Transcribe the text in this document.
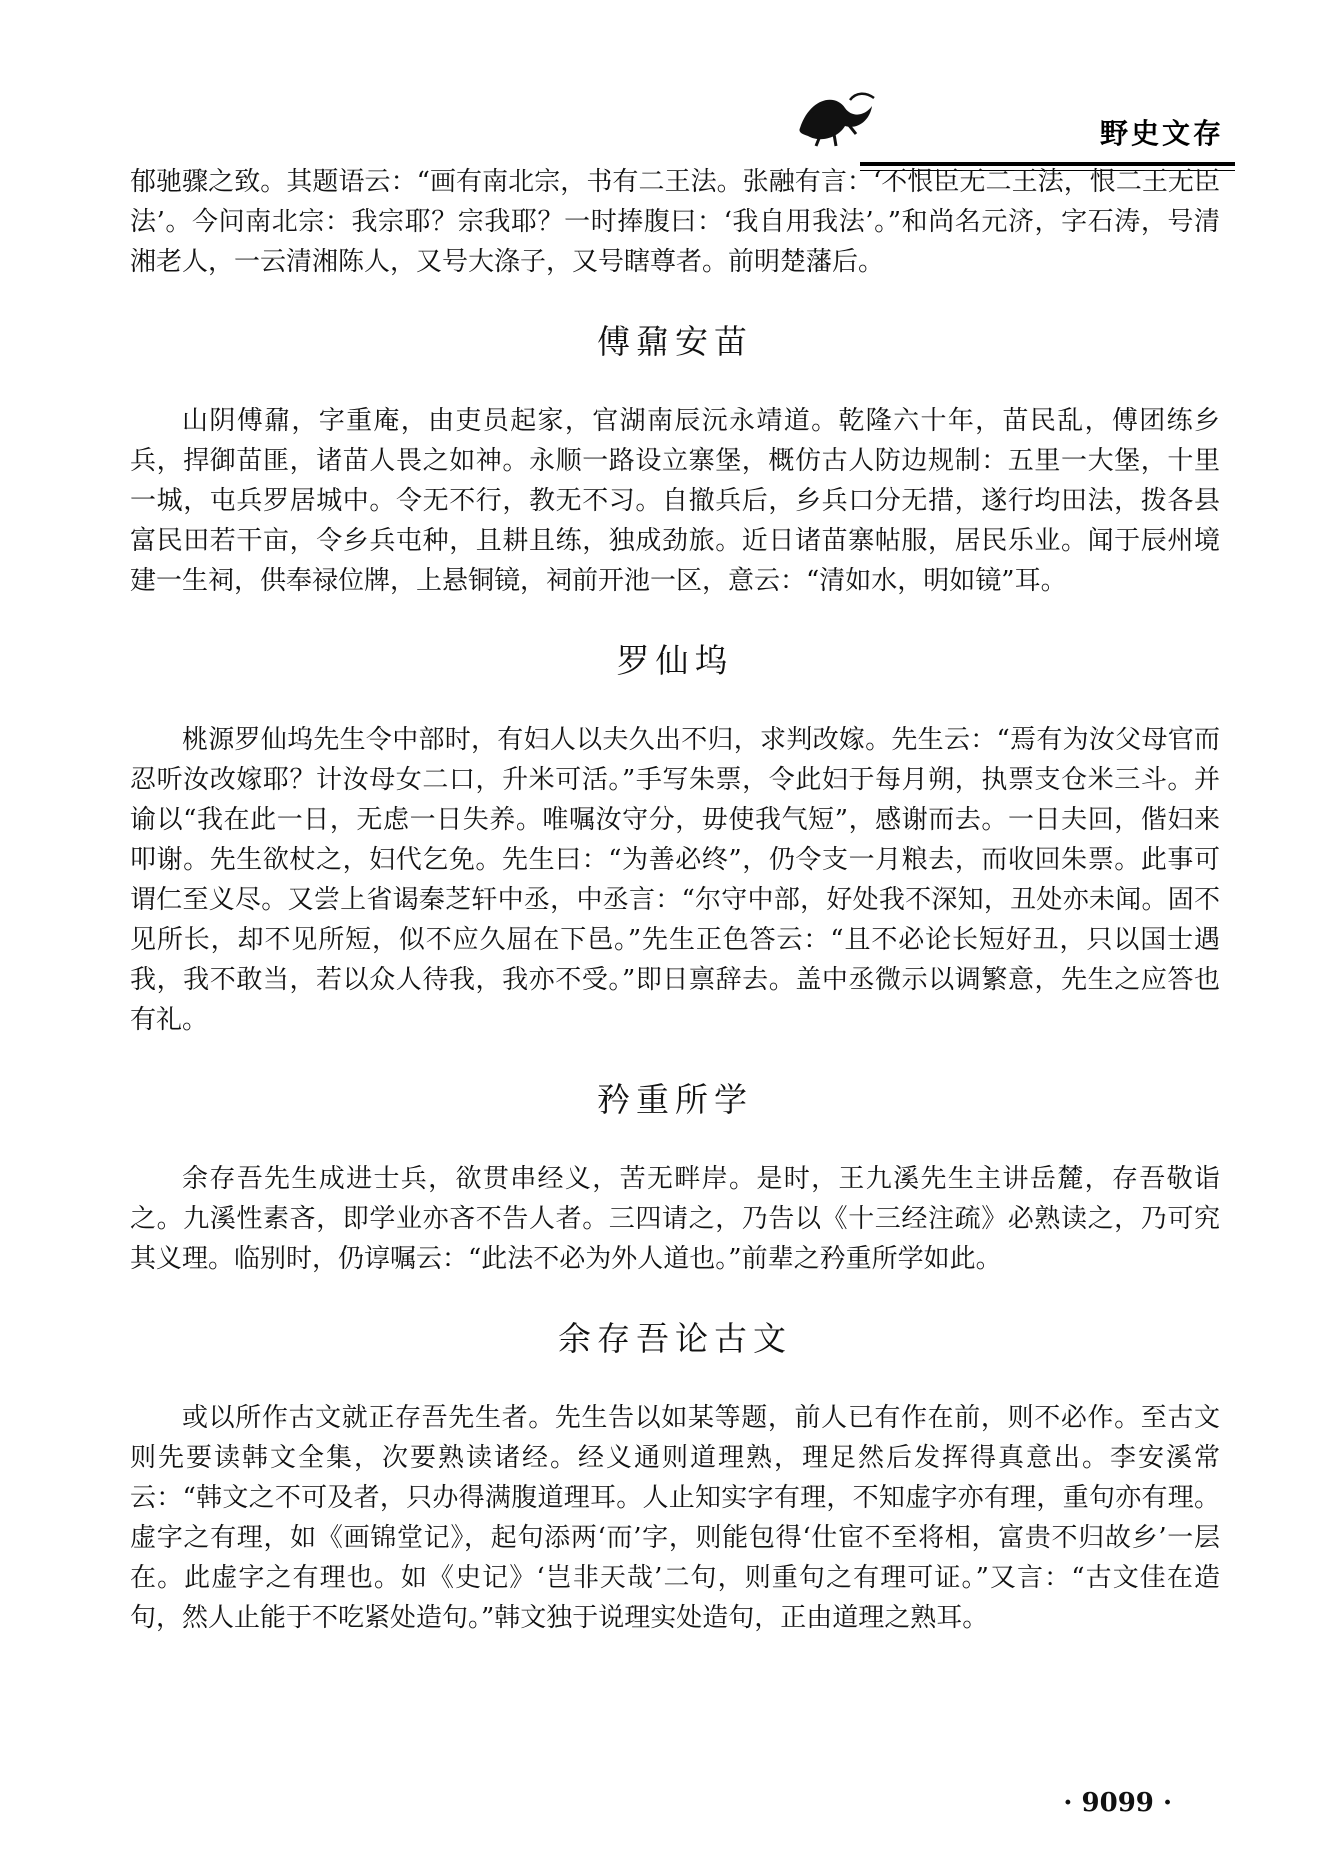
野史文存

郁驰骤之致。其题语云：“画有南北宗，书有二王法。张融有言：‘不恨臣无二王法，恨二王无臣法’。今问南北宗：我宗耶？宗我耶？一时捧腹曰：‘我自用我法’。”和尚名元济，字石涛，号清湘老人，一云清湘陈人，又号大涤子，又号瞎尊者。前明楚藩后。

傅鼐安苗

山阴傅鼐，字重庵，由吏员起家，官湖南辰沅永靖道。乾隆六十年，苗民乱，傅团练乡兵，捍御苗匪，诸苗人畏之如神。永顺一路设立寨堡，概仿古人防边规制：五里一大堡，十里一城，屯兵罗居城中。令无不行，教无不习。自撤兵后，乡兵口分无措，遂行均田法，拨各县富民田若干亩，令乡兵屯种，且耕且练，独成劲旅。近日诸苗寨帖服，居民乐业。闻于辰州境建一生祠，供奉禄位牌，上悬铜镜，祠前开池一区，意云：“清如水，明如镜”耳。

罗仙坞

桃源罗仙坞先生令中部时，有妇人以夫久出不归，求判改嫁。先生云：“焉有为汝父母官而忍听汝改嫁耶？计汝母女二口，升米可活。”手写朱票，令此妇于每月朔，执票支仓米三斗。并谕以“我在此一日，无虑一日失养。唯嘱汝守分，毋使我气短”，感谢而去。一日夫回，偕妇来叩谢。先生欲杖之，妇代乞免。先生曰：“为善必终”，仍令支一月粮去，而收回朱票。此事可谓仁至义尽。又尝上省谒秦芝轩中丞，中丞言：“尔守中部，好处我不深知，丑处亦未闻。固不见所长，却不见所短，似不应久屈在下邑。”先生正色答云：“且不必论长短好丑，只以国士遇我，我不敢当，若以众人待我，我亦不受。”即日禀辞去。盖中丞微示以调繁意，先生之应答也有礼。

矜重所学

余存吾先生成进士兵，欲贯串经义，苦无畔岸。是时，王九溪先生主讲岳麓，存吾敬诣之。九溪性素吝，即学业亦吝不告人者。三四请之，乃告以《十三经注疏》必熟读之，乃可究其义理。临别时，仍谆嘱云：“此法不必为外人道也。”前辈之矜重所学如此。

余存吾论古文

或以所作古文就正存吾先生者。先生告以如某等题，前人已有作在前，则不必作。至古文则先要读韩文全集，次要熟读诸经。经义通则道理熟，理足然后发挥得真意出。李安溪常云：“韩文之不可及者，只办得满腹道理耳。人止知实字有理，不知虚字亦有理，重句亦有理。虚字之有理，如《画锦堂记》，起句添两‘而’字，则能包得‘仕宦不至将相，富贵不归故乡’一层在。此虚字之有理也。如《史记》‘岂非天哉’二句，则重句之有理可证。”又言：“古文佳在造句，然人止能于不吃紧处造句。”韩文独于说理实处造句，正由道理之熟耳。

· 9099 ·
